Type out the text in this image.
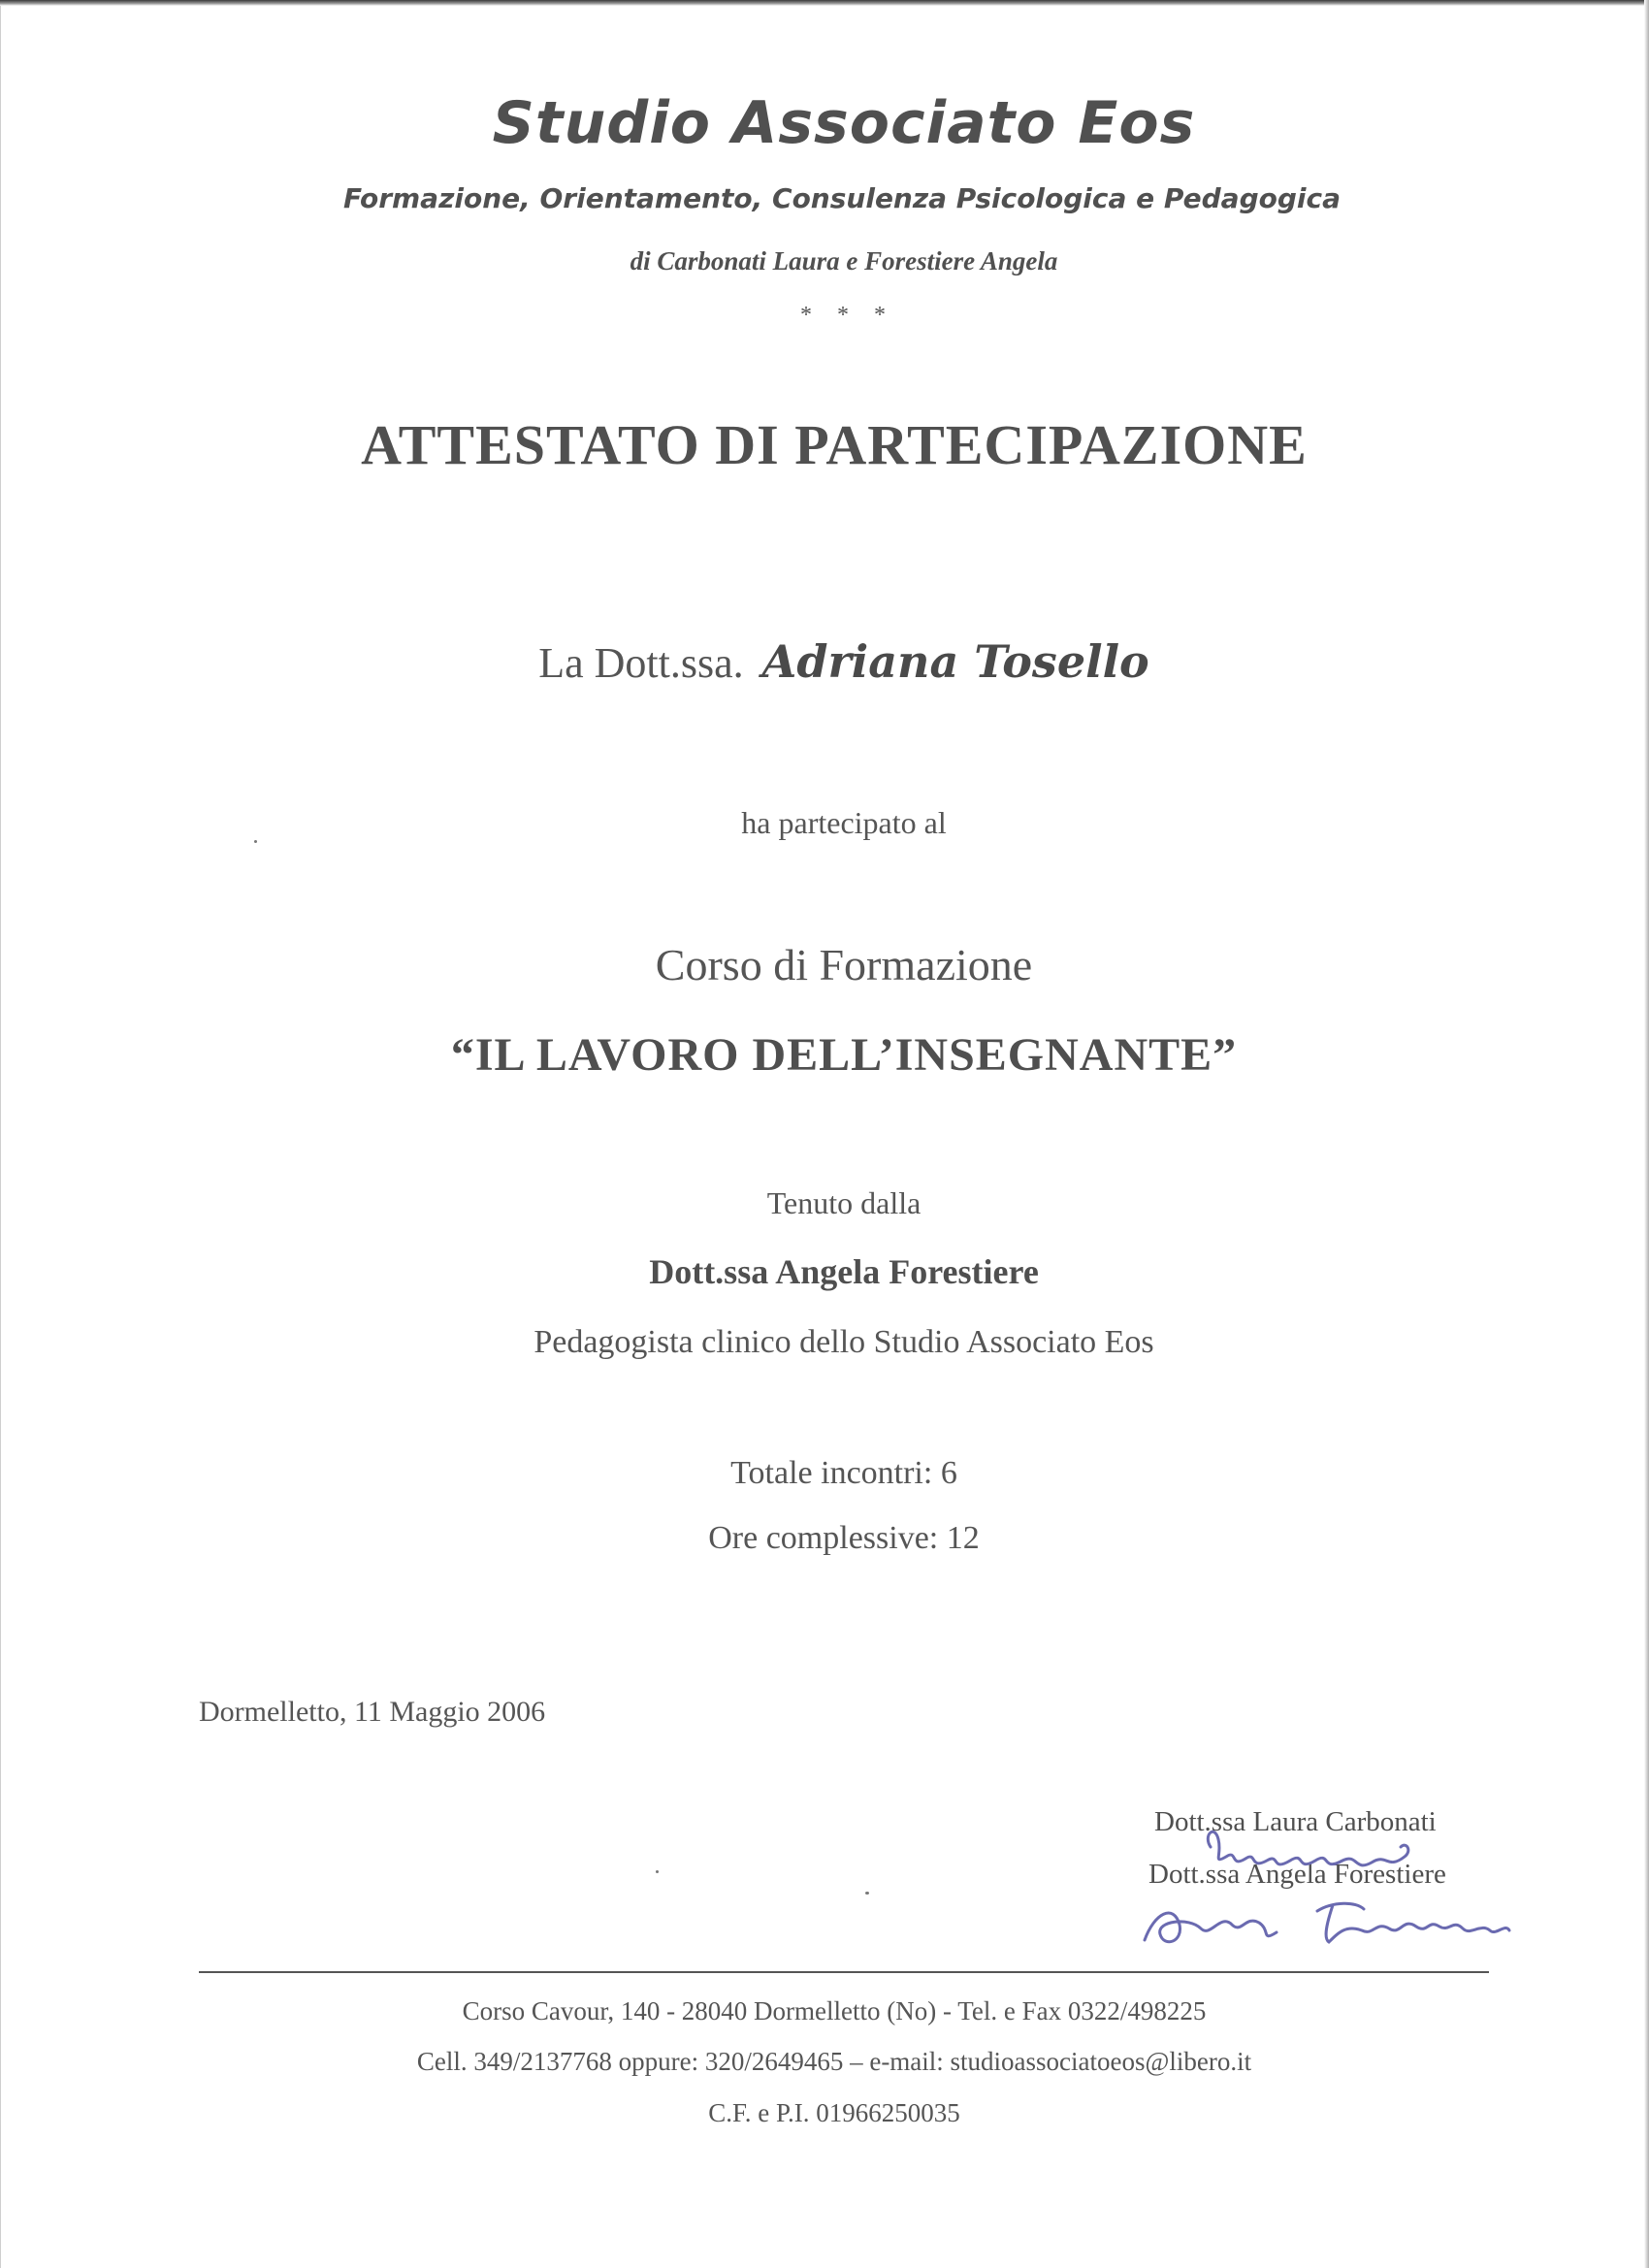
Studio Associato Eos
Formazione, Orientamento, Consulenza Psicologica e Pedagogica
di Carbonati Laura e Forestiere Angela
* * *
ATTESTATO DI PARTECIPAZIONE
La Dott.ssa. Adriana Tosello
ha partecipato al
Corso di Formazione
“IL LAVORO DELL’INSEGNANTE”
Tenuto dalla
Dott.ssa Angela Forestiere
Pedagogista clinico dello Studio Associato Eos
Totale incontri: 6
Ore complessive: 12
Dormelletto, 11 Maggio 2006
Dott.ssa Laura Carbonati
Dott.ssa Angela Forestiere
Corso Cavour, 140 - 28040 Dormelletto (No) - Tel. e Fax 0322/498225
Cell. 349/2137768 oppure: 320/2649465 – e-mail: studioassociatoeos@libero.it
C.F. e P.I. 01966250035
